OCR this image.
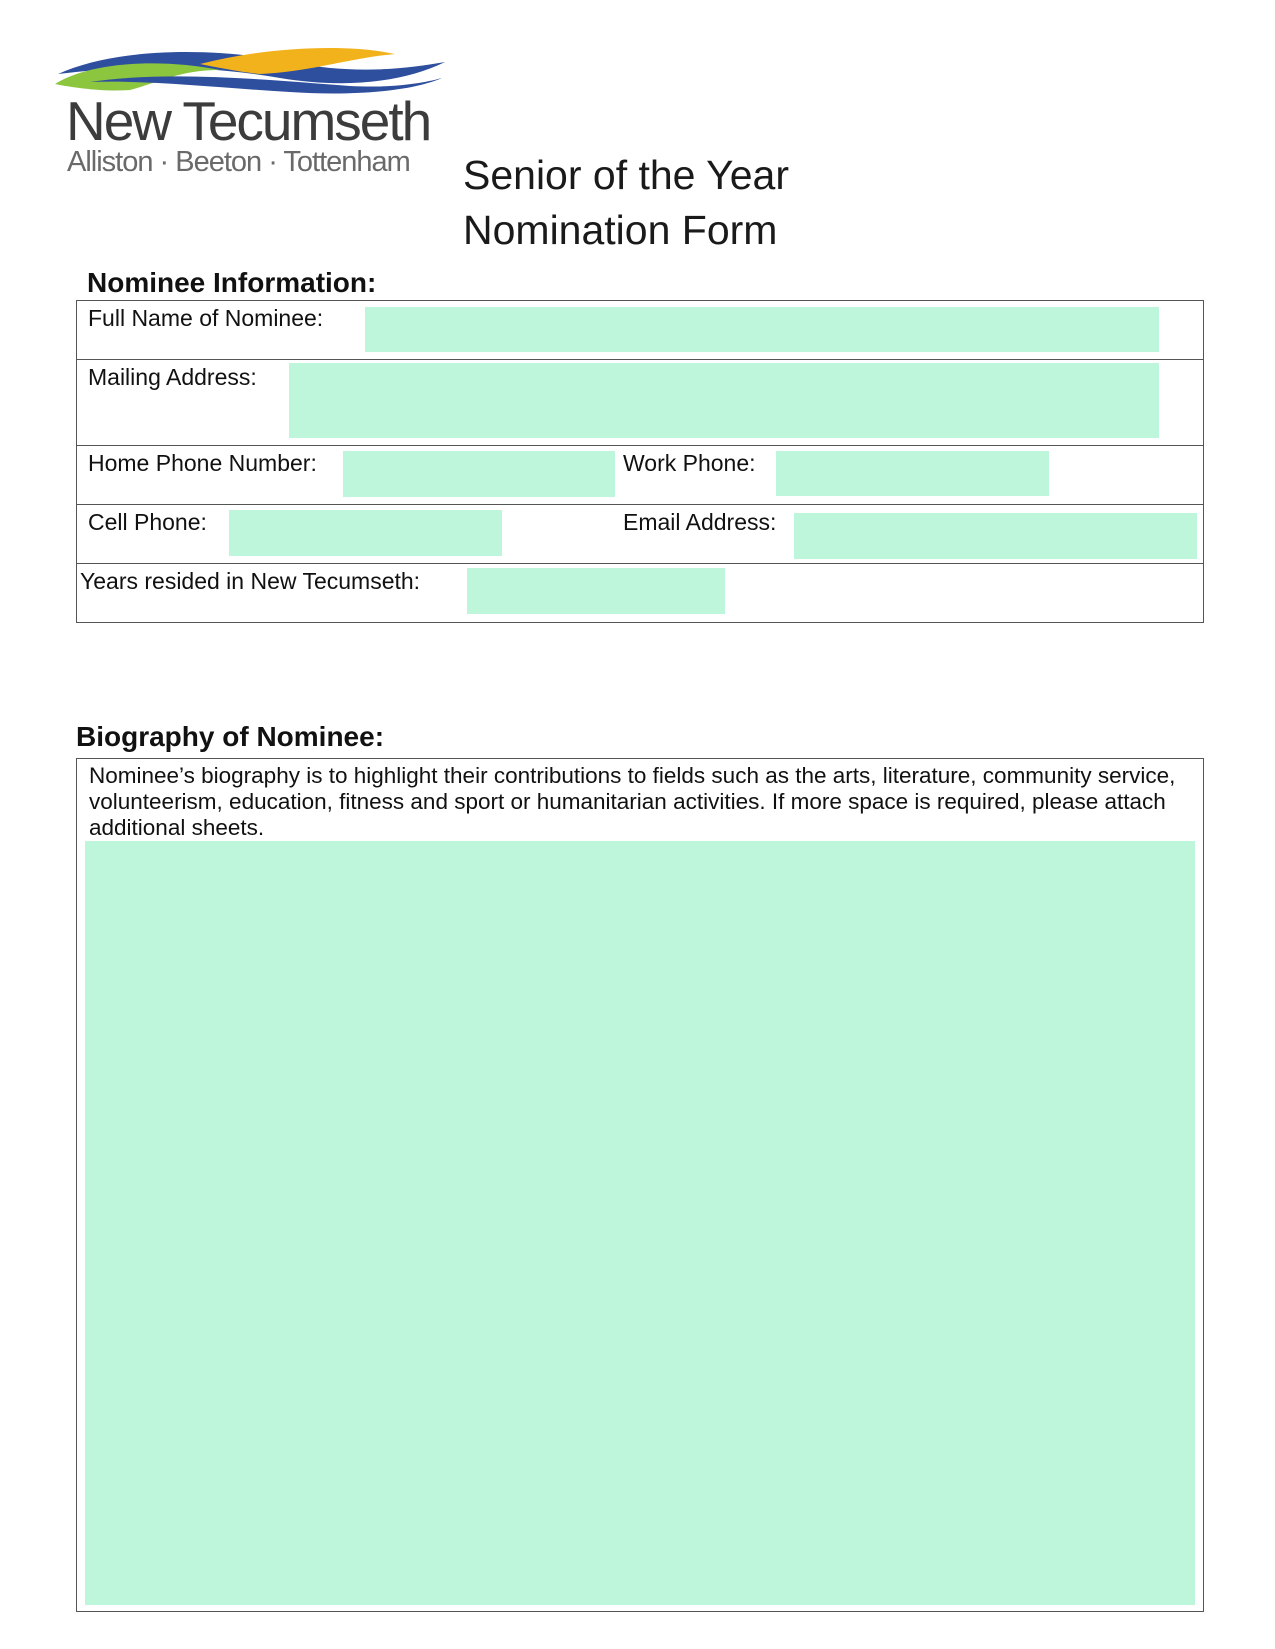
New Tecumseth
Alliston · Beeton · Tottenham Senior of the Year
Nomination Form
Nominee Information:
Full Name of Nominee:
Mailing Address:
Home Phone Number:	Work Phone:
Cell Phone:	Email Address:
Years resided in New Tecumseth:
Biography of Nominee:
Nominee’s biography is to highlight their contributions to fields such as the arts, literature, community service, volunteerism, education, fitness and sport or humanitarian activities. If more space is required, please attach additional sheets.
